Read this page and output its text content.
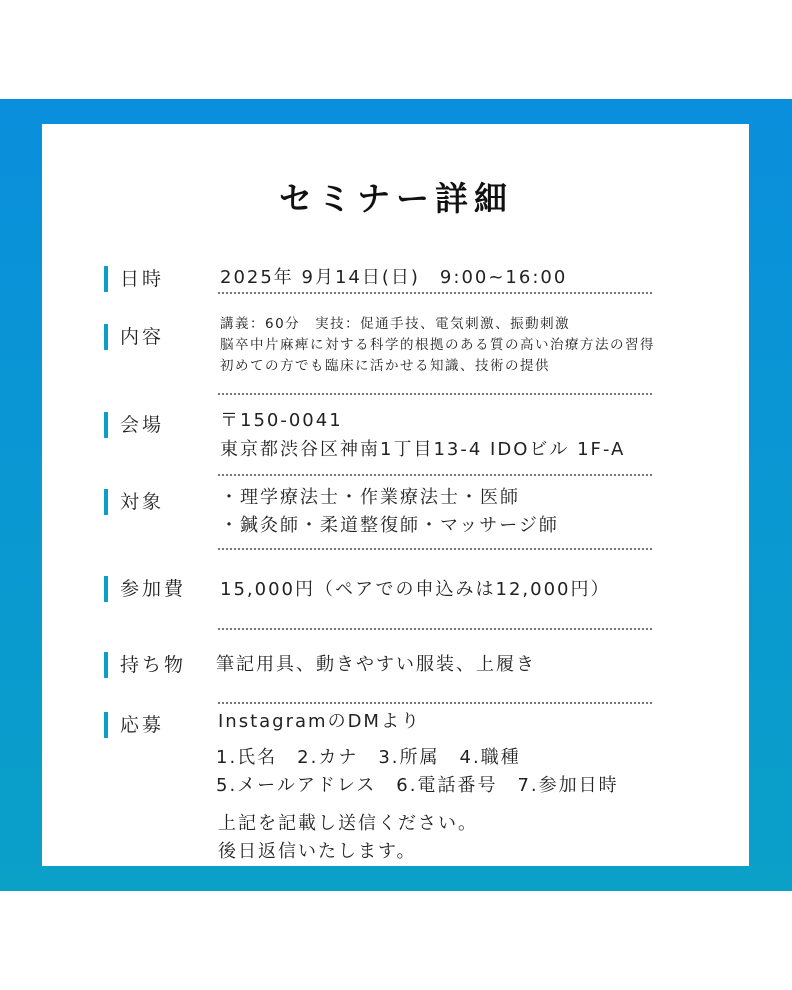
セミナー詳細
日時	2025年 9月14日(日)　9:00~16:00
内容
講義：60分　実技：促通手技、電気刺激、振動刺激
脳卒中片麻痺に対する科学的根拠のある質の高い治療方法の習得
初めての方でも臨床に活かせる知識、技術の提供
会場	〒150-0041
東京都渋谷区神南1丁目13-4 IDOビル 1F-A
対象	・理学療法士・作業療法士・医師
・鍼灸師・柔道整復師・マッサージ師
参加費 15,000円（ペアでの申込みは12,000円）
持ち物 筆記用具、動きやすい服装、上履き
応募	InstagramのDMより
1.氏名　2.カナ　3.所属　4.職種
5.メールアドレス　6.電話番号　7.参加日時
上記を記載し送信ください。
後日返信いたします。
